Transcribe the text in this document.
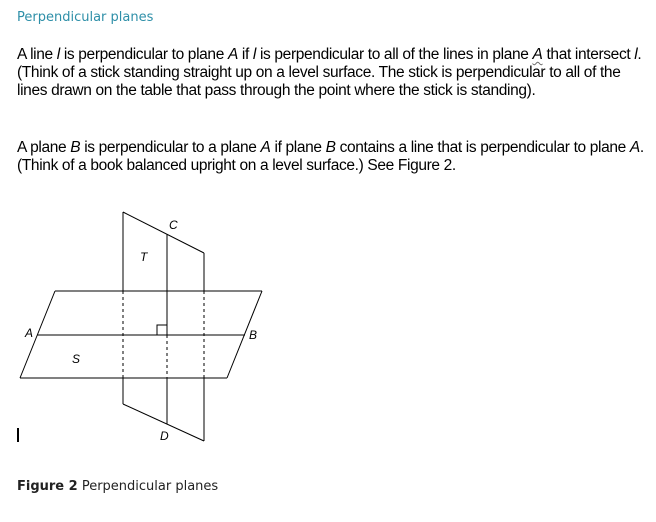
Perpendicular planes

A line l is perpendicular to plane A if l is perpendicular to all of the lines in plane A that intersect l. (Think of a stick standing straight up on a level surface. The stick is perpendicular to all of the lines drawn on the table that pass through the point where the stick is standing).

A plane B is perpendicular to a plane A if plane B contains a line that is perpendicular to plane A. (Think of a book balanced upright on a level surface.) See Figure 2.

T
C
A	B
S
D

Figure 2 Perpendicular planes
